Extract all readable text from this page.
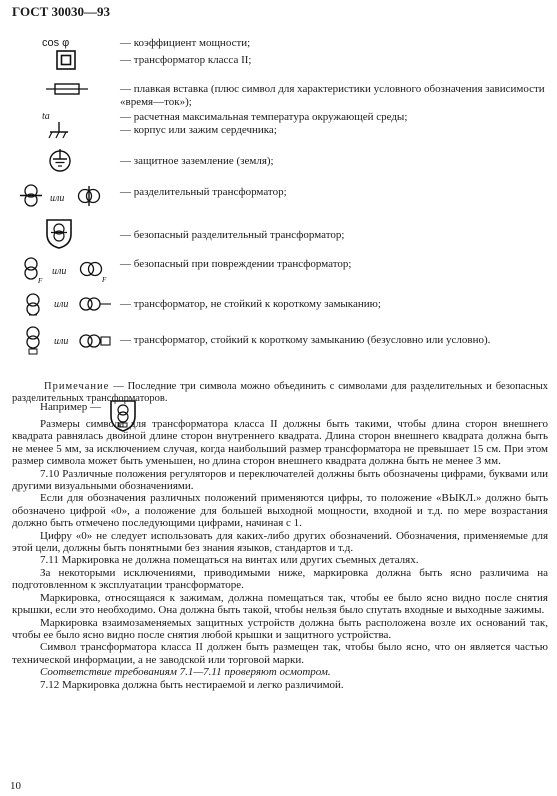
ГОСТ 30030—93
cos φ	— коэффициент мощности;
— трансформатор класса II;
— плавкая вставка (плюс символ для характеристики условного обозначения зависимости «время—ток»);
ta	— расчетная максимальная температура окружающей среды;
— корпус или зажим сердечника;
— защитное заземление (земля);
или
— разделительный трансформатор;
— безопасный разделительный трансформатор;
F
или
F
— безопасный при повреждении трансформатор;
или	— трансформатор, не стойкий к короткому замыканию;
или	— трансформатор, стойкий к короткому замыканию (безусловно или условно).
Примечание — Последние три символа можно объединить с символами для разделительных и безопасных разделительных трансформаторов.
Например —

Размеры символа для трансформатора класса II должны быть такими, чтобы длина сторон внешнего квадрата равнялась двойной длине сторон внутреннего квадрата. Длина сторон внешнего квадрата должна быть не менее 5 мм, за исключением случая, когда наибольший размер трансформатора не превышает 15 см. При этом размер символа может быть уменьшен, но длина сторон внешнего квадрата должна быть не менее 3 мм.

7.10 Различные положения регуляторов и переключателей должны быть обозначены цифрами, буквами или другими визуальными обозначениями.

Если для обозначения различных положений применяются цифры, то положение «ВЫКЛ.» должно быть обозначено цифрой «0», а положение для большей выходной мощности, входной и т.д. по мере возрастания должно быть отмечено последующими цифрами, начиная с 1.

Цифру «0» не следует использовать для каких-либо других обозначений. Обозначения, применяемые для этой цели, должны быть понятными без знания языков, стандартов и т.д.

7.11 Маркировка не должна помещаться на винтах или других съемных деталях.

За некоторыми исключениями, приводимыми ниже, маркировка должна быть ясно различима на подготовленном к эксплуатации трансформаторе.

Маркировка, относящаяся к зажимам, должна помещаться так, чтобы ее было ясно видно после снятия крышки, если это необходимо. Она должна быть такой, чтобы нельзя было спутать входные и выходные зажимы.

Маркировка взаимозаменяемых защитных устройств должна быть расположена возле их оснований так, чтобы ее было ясно видно после снятия любой крышки и защитного устройства.

Символ трансформатора класса II должен быть размещен так, чтобы было ясно, что он является частью технической информации, а не заводской или торговой марки.

Соответствие требованиям 7.1—7.11 проверяют осмотром.

7.12 Маркировка должна быть нестираемой и легко различимой.

10
